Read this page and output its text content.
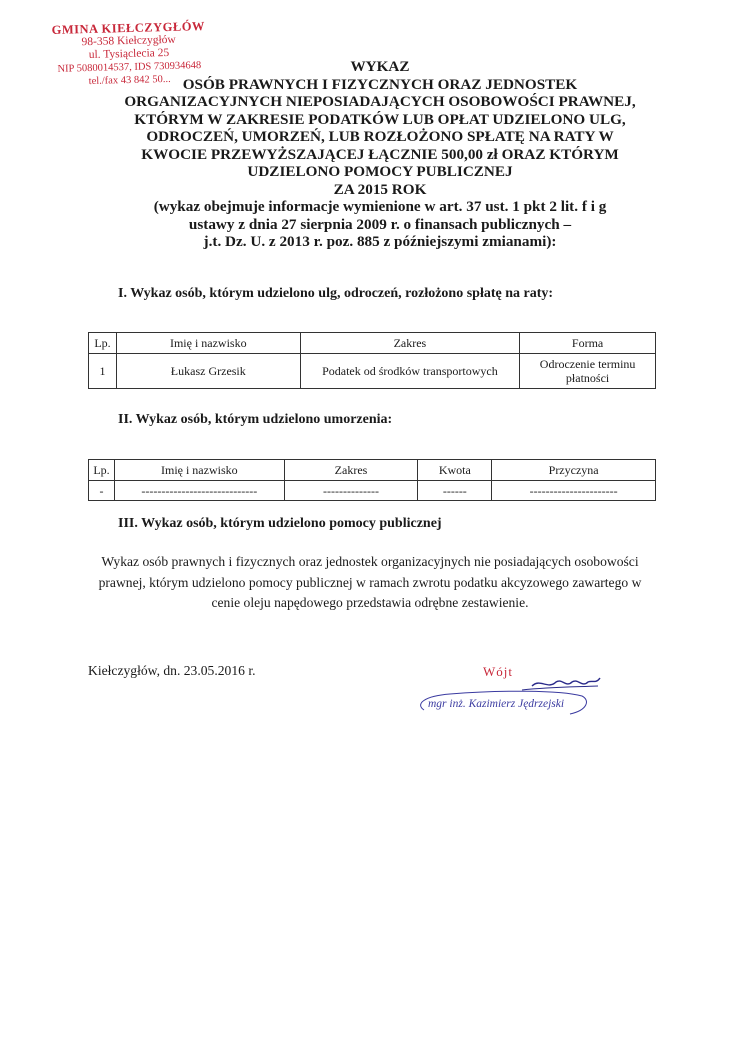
GMINA KIEŁCZYGŁÓW
98-358 Kiełczygłów
ul. Tysiąclecia 25
NIP 5080014537, IDS 730934648
tel./fax 43 842 50...
WYKAZ
OSÓB PRAWNYCH I FIZYCZNYCH ORAZ JEDNOSTEK
ORGANIZACYJNYCH NIEPOSIADAJĄCYCH OSOBOWOŚCI PRAWNEJ,
KTÓRYM W ZAKRESIE PODATKÓW LUB OPŁAT UDZIELONO ULG,
ODROCZEŃ, UMORZEŃ, LUB ROZŁOŻONO SPŁATĘ NA RATY W
KWOCIE PRZEWYŻSZAJĄCEJ ŁĄCZNIE 500,00 zł ORAZ KTÓRYM
UDZIELONO POMOCY PUBLICZNEJ
ZA 2015 ROK
(wykaz obejmuje informacje wymienione w art. 37 ust. 1 pkt 2 lit. f i g
ustawy z dnia 27 sierpnia 2009 r. o finansach publicznych –
j.t. Dz. U. z 2013 r. poz. 885 z późniejszymi zmianami):
I. Wykaz osób, którym udzielono ulg, odroczeń, rozłożono spłatę na raty:
Lp.	Imię i nazwisko	Zakres	Forma
1	Łukasz Grzesik	Podatek od środków transportowych	Odroczenie terminu płatności
II. Wykaz osób, którym udzielono umorzenia:
Lp.	Imię i nazwisko	Zakres	Kwota	Przyczyna
-	-----------------------------	--------------	------	----------------------
III. Wykaz osób, którym udzielono pomocy publicznej
Wykaz osób prawnych i fizycznych oraz jednostek organizacyjnych nie posiadających osobowości prawnej, którym udzielono pomocy publicznej w ramach zwrotu podatku akcyzowego zawartego w cenie oleju napędowego przedstawia odrębne zestawienie.
Kiełczygłów, dn. 23.05.2016 r.	Wójt
mgr inż. Kazimierz Jędrzejski
